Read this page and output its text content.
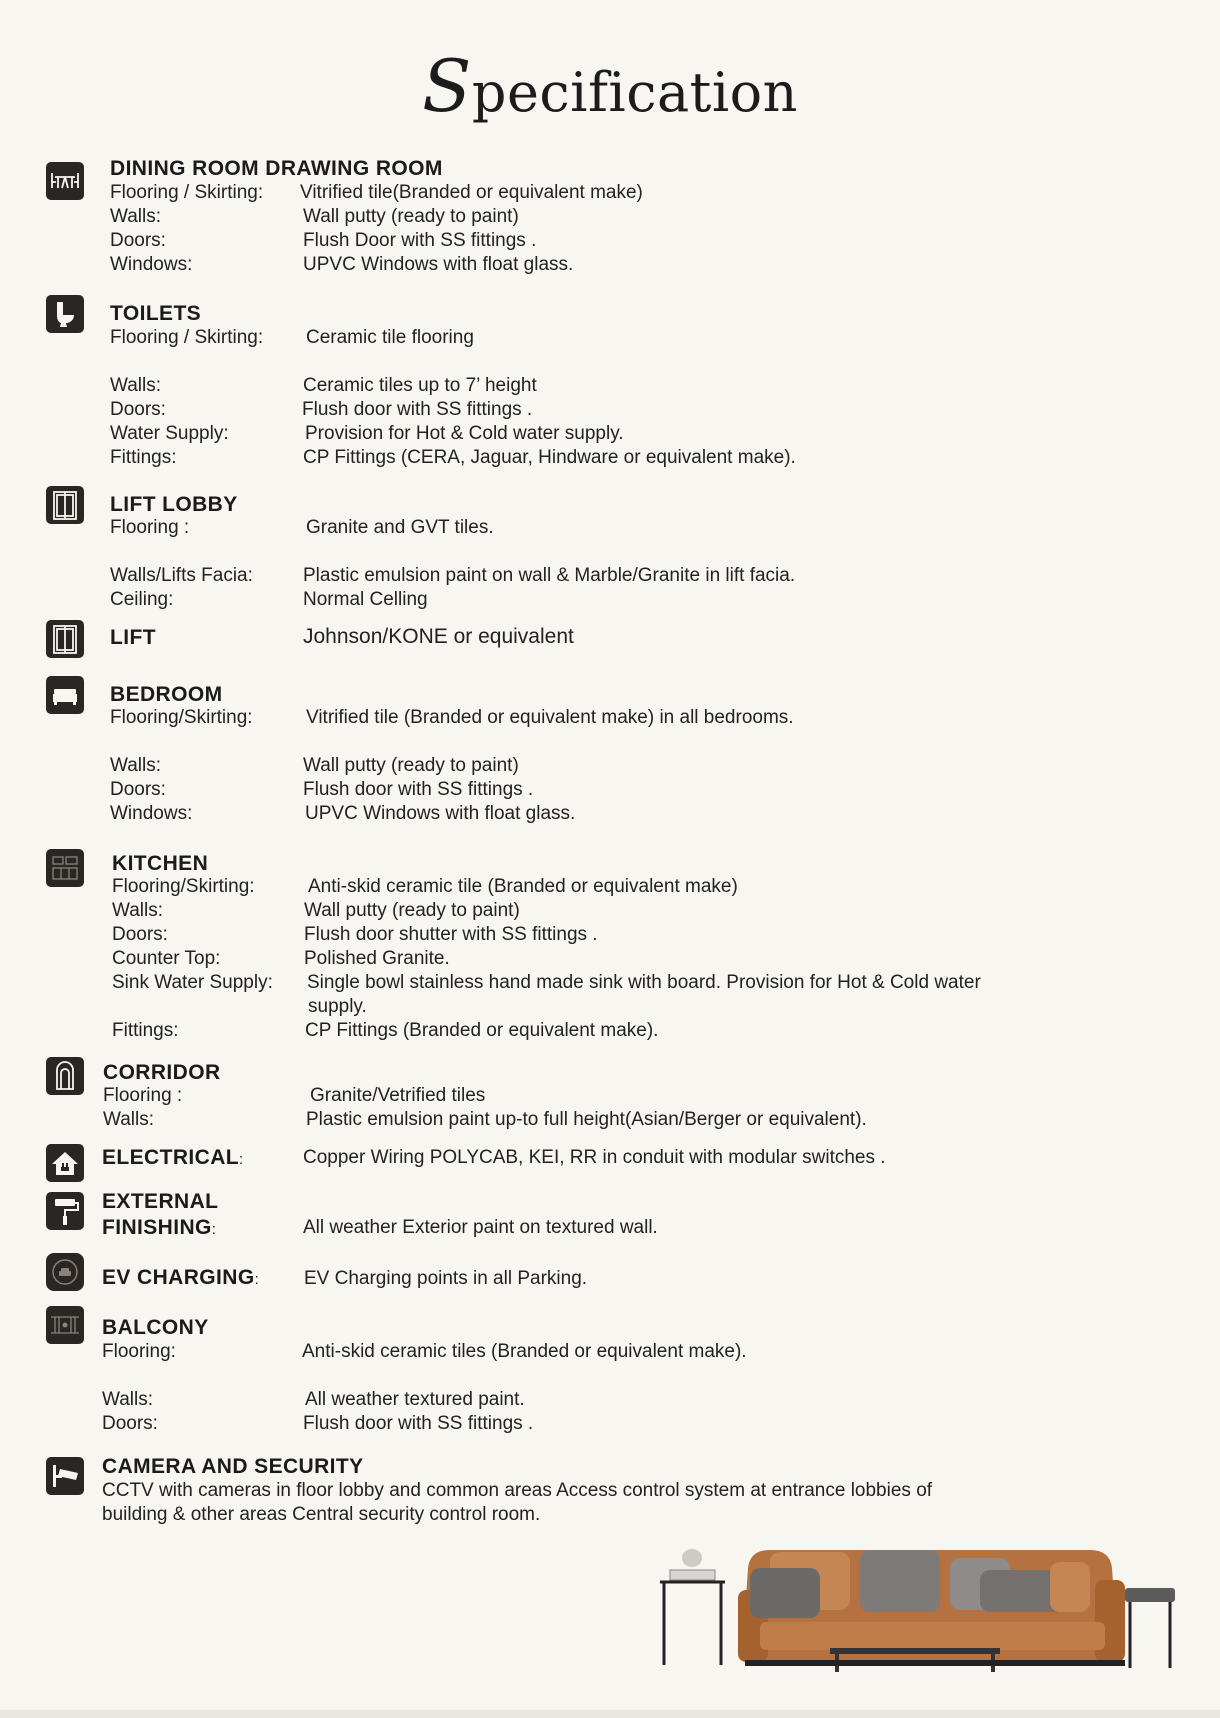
Specification
DINING ROOM DRAWING ROOM
Flooring / Skirting: Vitrified tile(Branded or equivalent make)
Walls:	Wall putty (ready to paint)
Doors:	Flush Door with SS fittings .
Windows:	UPVC Windows with float glass.
TOILETS
Flooring / Skirting: Ceramic tile flooring
Walls:	Ceramic tiles up to 7’ height
Doors:	Flush door with SS fittings .
Water Supply:	Provision for Hot & Cold water supply.
Fittings:	CP Fittings (CERA, Jaguar, Hindware or equivalent make).
LIFT LOBBY
Flooring :	Granite and GVT tiles.
Walls/Lifts Facia:	Plastic emulsion paint on wall & Marble/Granite in lift facia.
Ceiling:	Normal Celling
LIFT	Johnson/KONE or equivalent
BEDROOM
Flooring/Skirting:	Vitrified tile (Branded or equivalent make) in all bedrooms.
Walls:	Wall putty (ready to paint)
Doors:	Flush door with SS fittings .
Windows:	UPVC Windows with float glass.
KITCHEN
Flooring/Skirting:	Anti-skid ceramic tile (Branded or equivalent make)
Walls:	Wall putty (ready to paint)
Doors:	Flush door shutter with SS fittings .
Counter Top:	Polished Granite.
Sink Water Supply: Single bowl stainless hand made sink with board. Provision for Hot & Cold water
supply.
Fittings:	CP Fittings (Branded or equivalent make).
CORRIDOR
Flooring :	Granite/Vetrified tiles
Walls:	Plastic emulsion paint up-to full height(Asian/Berger or equivalent).
ELECTRICAL:	Copper Wiring POLYCAB, KEI, RR in conduit with modular switches .
EXTERNAL
FINISHING:	All weather Exterior paint on textured wall.
EV CHARGING: EV Charging points in all Parking.
BALCONY
Flooring:	Anti-skid ceramic tiles (Branded or equivalent make).
Walls:	All weather textured paint.
Doors:	Flush door with SS fittings .
CAMERA AND SECURITY
CCTV with cameras in floor lobby and common areas Access control system at entrance lobbies of
building & other areas Central security control room.
